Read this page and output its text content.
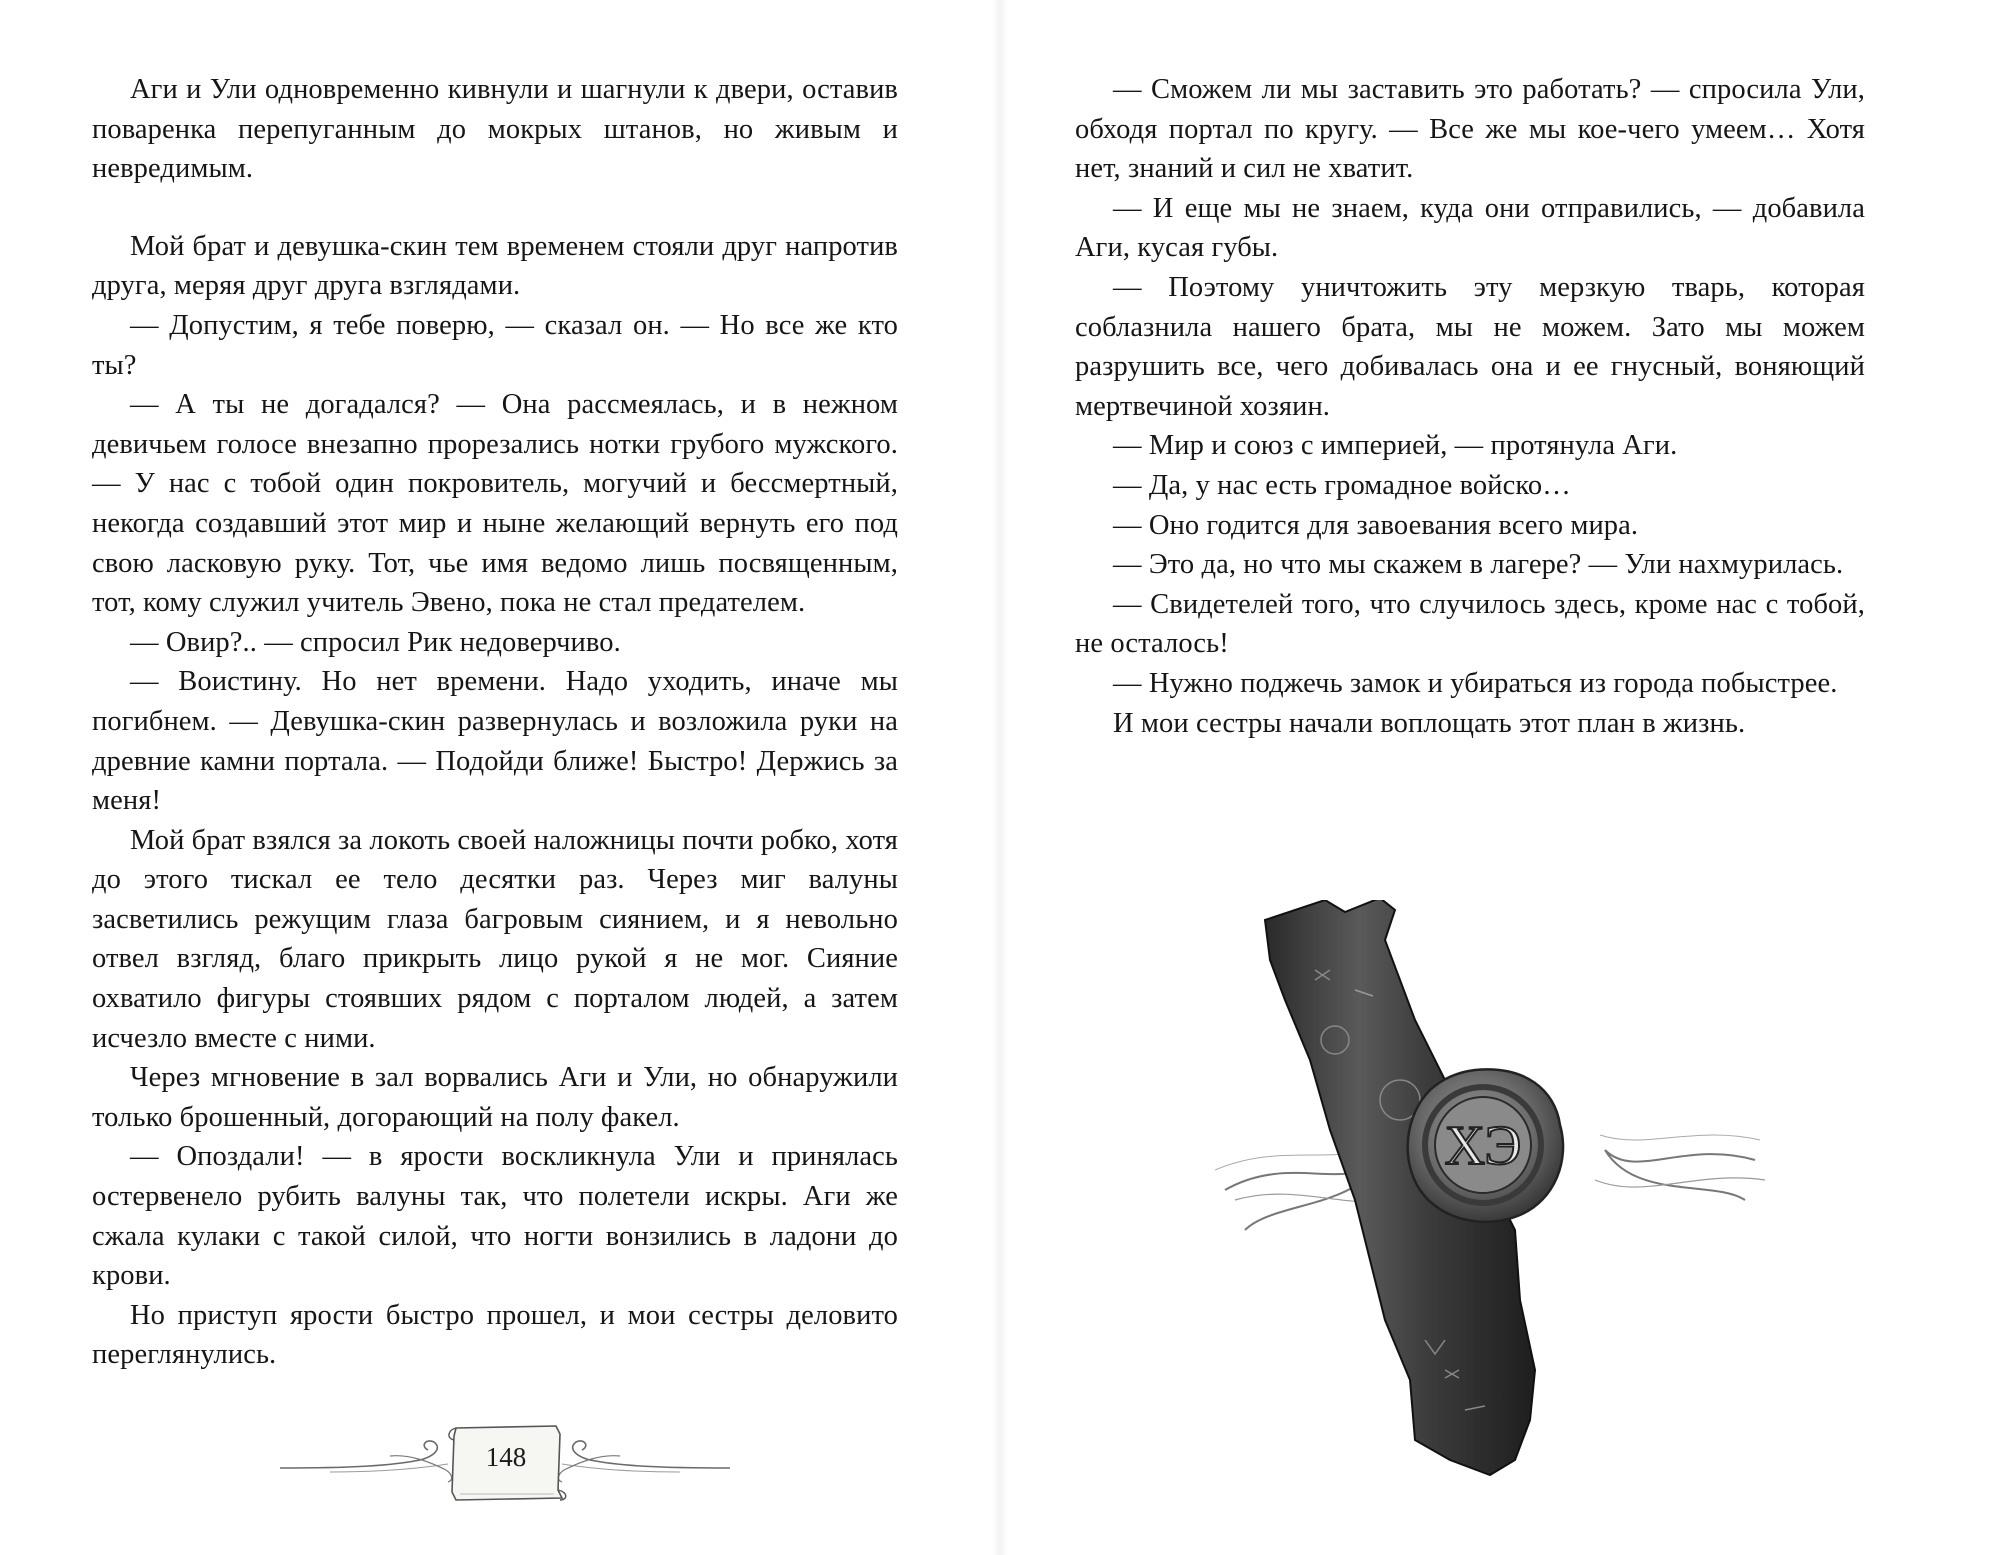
Аги и Ули одновременно кивнули и шагнули к двери, оставив поваренка перепуганным до мокрых штанов, но живым и невредимым.

Мой брат и девушка-скин тем временем стояли друг напротив друга, меряя друг друга взглядами.

— Допустим, я тебе поверю, — сказал он. — Но все же кто ты?

— А ты не догадался? — Она рассмеялась, и в нежном девичьем голосе внезапно прорезались нотки грубого мужского. — У нас с тобой один покровитель, могучий и бессмертный, некогда создавший этот мир и ныне желающий вернуть его под свою ласковую руку. Тот, чье имя ведомо лишь посвященным, тот, кому служил учитель Эвено, пока не стал предателем.

— Овир?.. — спросил Рик недоверчиво.

— Воистину. Но нет времени. Надо уходить, иначе мы погибнем. — Девушка-скин развернулась и возложила руки на древние камни портала. — Подойди ближе! Быстро! Держись за меня!

Мой брат взялся за локоть своей наложницы почти робко, хотя до этого тискал ее тело десятки раз. Через миг валуны засветились режущим глаза багровым сиянием, и я невольно отвел взгляд, благо прикрыть лицо рукой я не мог. Сияние охватило фигуры стоявших рядом с порталом людей, а затем исчезло вместе с ними.

Через мгновение в зал ворвались Аги и Ули, но обнаружили только брошенный, догорающий на полу факел.

— Опоздали! — в ярости воскликнула Ули и принялась остервенело рубить валуны так, что полетели искры. Аги же сжала кулаки с такой силой, что ногти вонзились в ладони до крови.

Но приступ ярости быстро прошел, и мои сестры деловито переглянулись.

148

— Сможем ли мы заставить это работать? — спросила Ули, обходя портал по кругу. — Все же мы кое-чего умеем… Хотя нет, знаний и сил не хватит.

— И еще мы не знаем, куда они отправились, — добавила Аги, кусая губы.

— Поэтому уничтожить эту мерзкую тварь, которая соблазнила нашего брата, мы не можем. Зато мы можем разрушить все, чего добивалась она и ее гнусный, воняющий мертвечиной хозяин.

— Мир и союз с империей, — протянула Аги.

— Да, у нас есть громадное войско…

— Оно годится для завоевания всего мира.

— Это да, но что мы скажем в лагере? — Ули нахмурилась.

— Свидетелей того, что случилось здесь, кроме нас с тобой, не осталось!

— Нужно поджечь замок и убираться из города побыстрее.

И мои сестры начали воплощать этот план в жизнь.

ХЭ
